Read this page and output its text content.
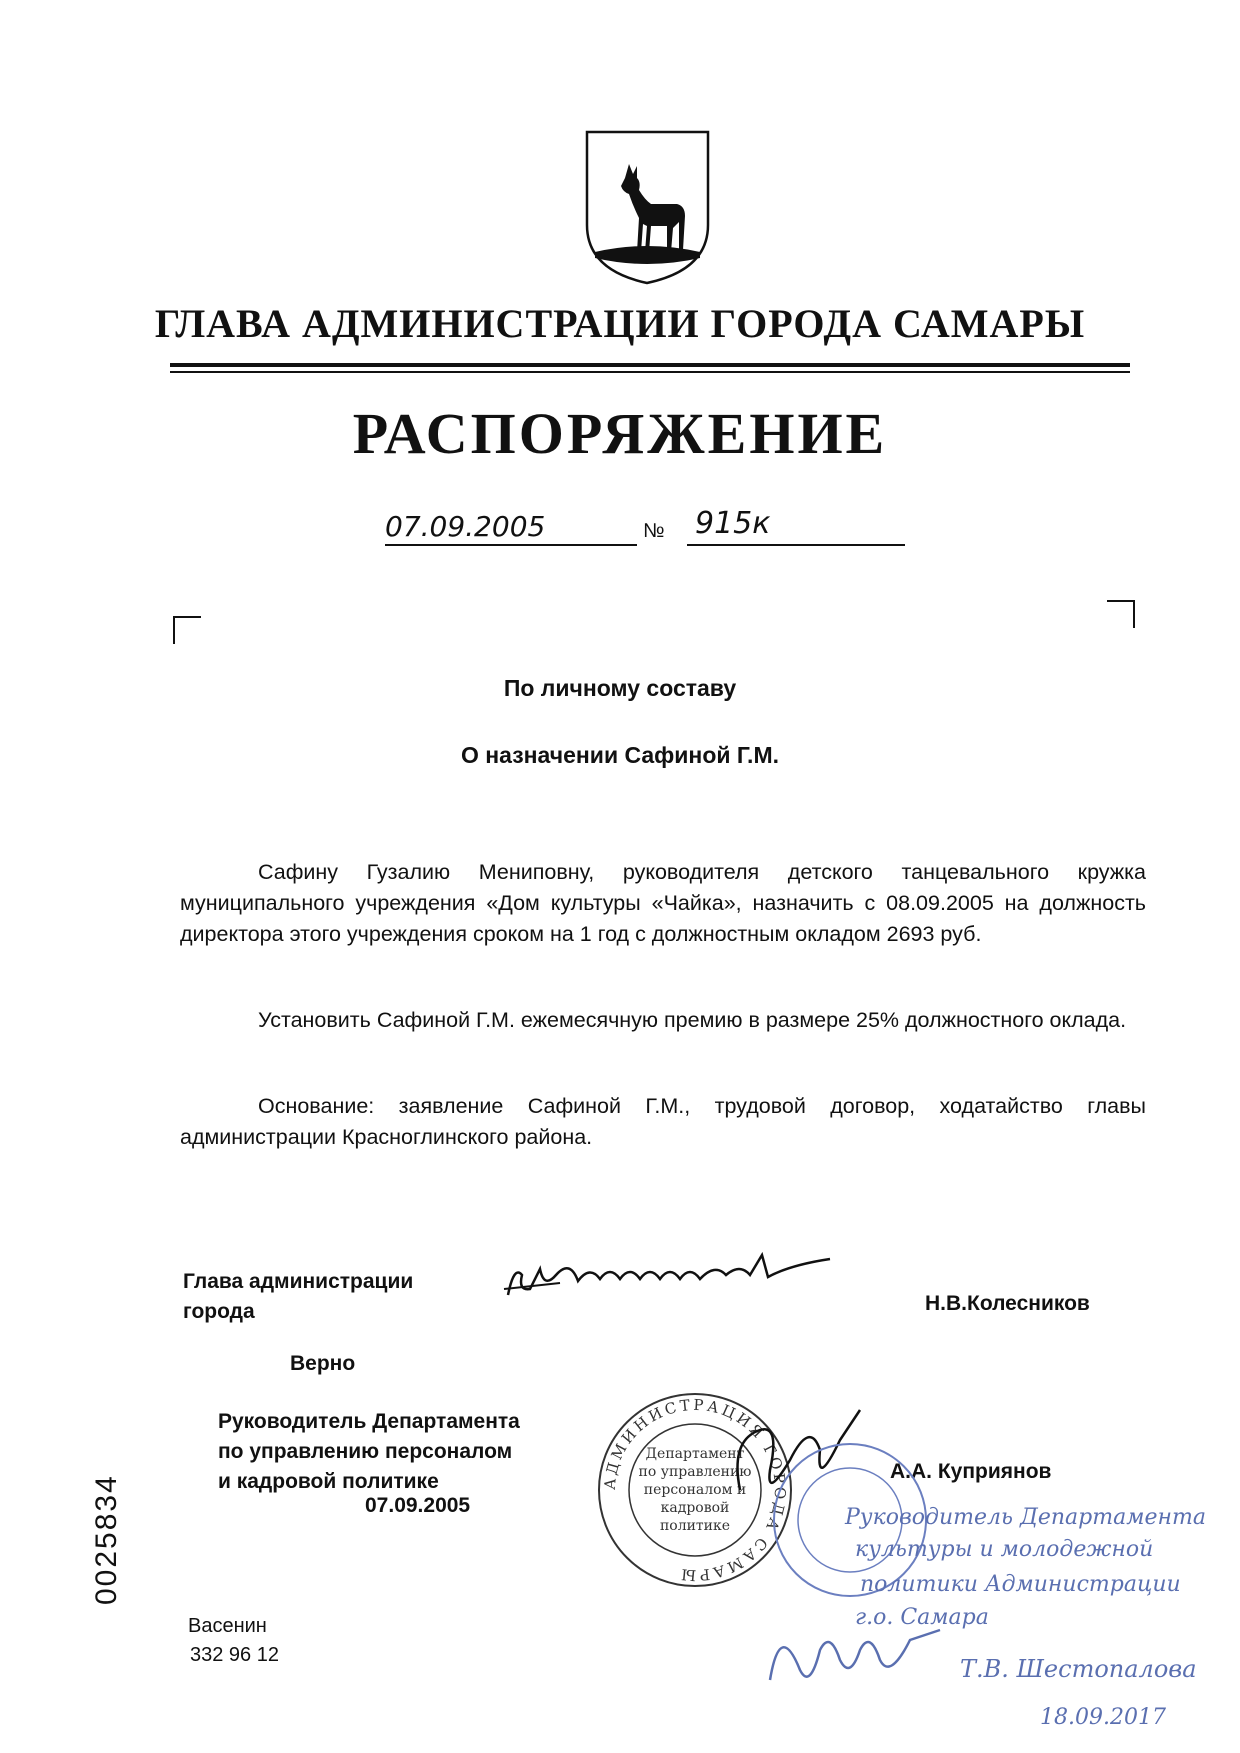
ГЛАВА АДМИНИСТРАЦИИ ГОРОДА САМАРЫ
РАСПОРЯЖЕНИЕ
07.09.2005	№ 915к
По личному составу
О назначении Сафиной Г.М.
Сафину Гузалию Мениповну, руководителя детского танцевального кружка муниципального учреждения «Дом культуры «Чайка», назначить с 08.09.2005 на должность директора этого учреждения сроком на 1 год с должностным окладом 2693 руб.
Установить Сафиной Г.М. ежемесячную премию в размере 25% должностного оклада.
Основание: заявление Сафиной Г.М., трудовой договор, ходатайство главы администрации Красноглинского района.
Глава администрации
города	Н.В.Колесников
Верно
Руководитель Департамента
по управлению персоналом
и кадровой политике
07.09.2005
А.А. Куприянов
АДМИНИСТРАЦИЯ ГОРОДА САМАРЫ
Департамент
по управлению
персоналом и
кадровой
политике	Руководитель Департамента
культуры и молодежной
политики Администрации
г.о. Самара
Т.В. Шестопалова
18.09.2017
Васенин
332 96 12
0025834
